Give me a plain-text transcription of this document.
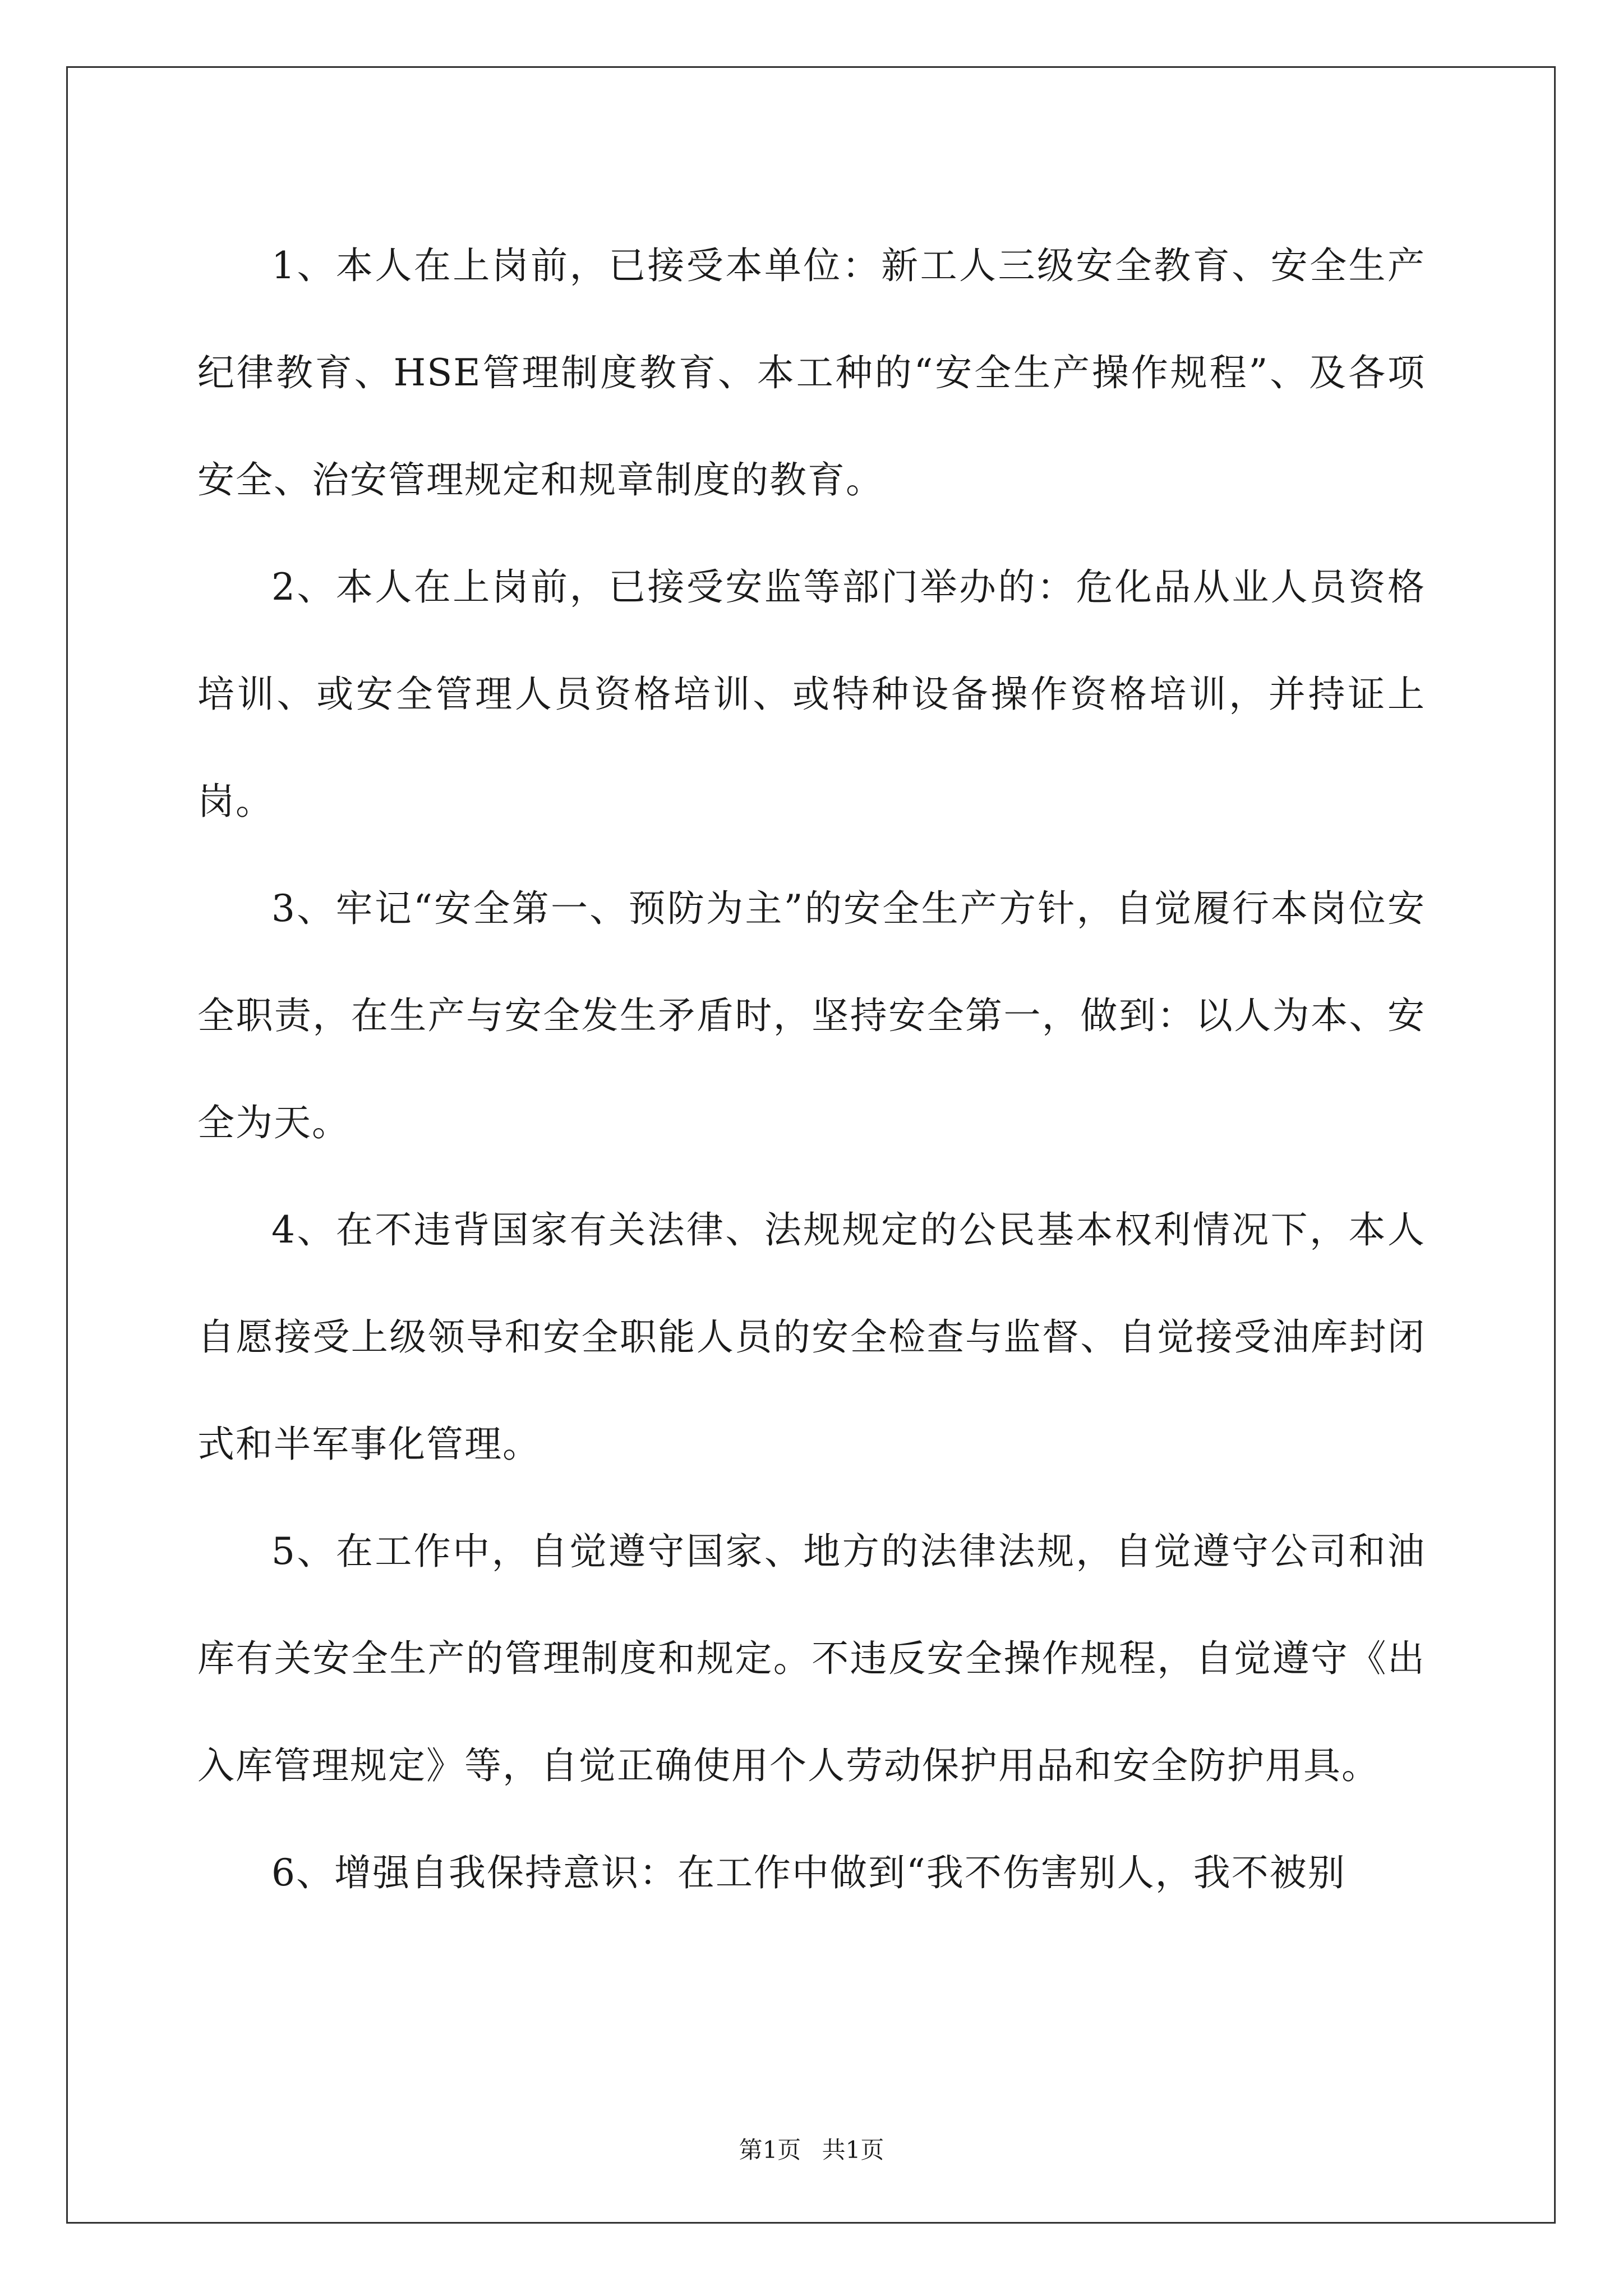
1、本人在上岗前，已接受本单位：新工人三级安全教育、安全生产纪律教育、HSE管理制度教育、本工种的“安全生产操作规程”、及各项安全、治安管理规定和规章制度的教育。

2、本人在上岗前，已接受安监等部门举办的：危化品从业人员资格培训、或安全管理人员资格培训、或特种设备操作资格培训，并持证上岗。

3、牢记“安全第一、预防为主”的安全生产方针，自觉履行本岗位安全职责，在生产与安全发生矛盾时，坚持安全第一，做到：以人为本、安全为天。

4、在不违背国家有关法律、法规规定的公民基本权利情况下，本人自愿接受上级领导和安全职能人员的安全检查与监督、自觉接受油库封闭式和半军事化管理。

5、在工作中，自觉遵守国家、地方的法律法规，自觉遵守公司和油库有关安全生产的管理制度和规定。不违反安全操作规程，自觉遵守《出入库管理规定》等，自觉正确使用个人劳动保护用品和安全防护用具。

6、增强自我保持意识：在工作中做到“我不伤害别人，我不被别

第1页 共1页
